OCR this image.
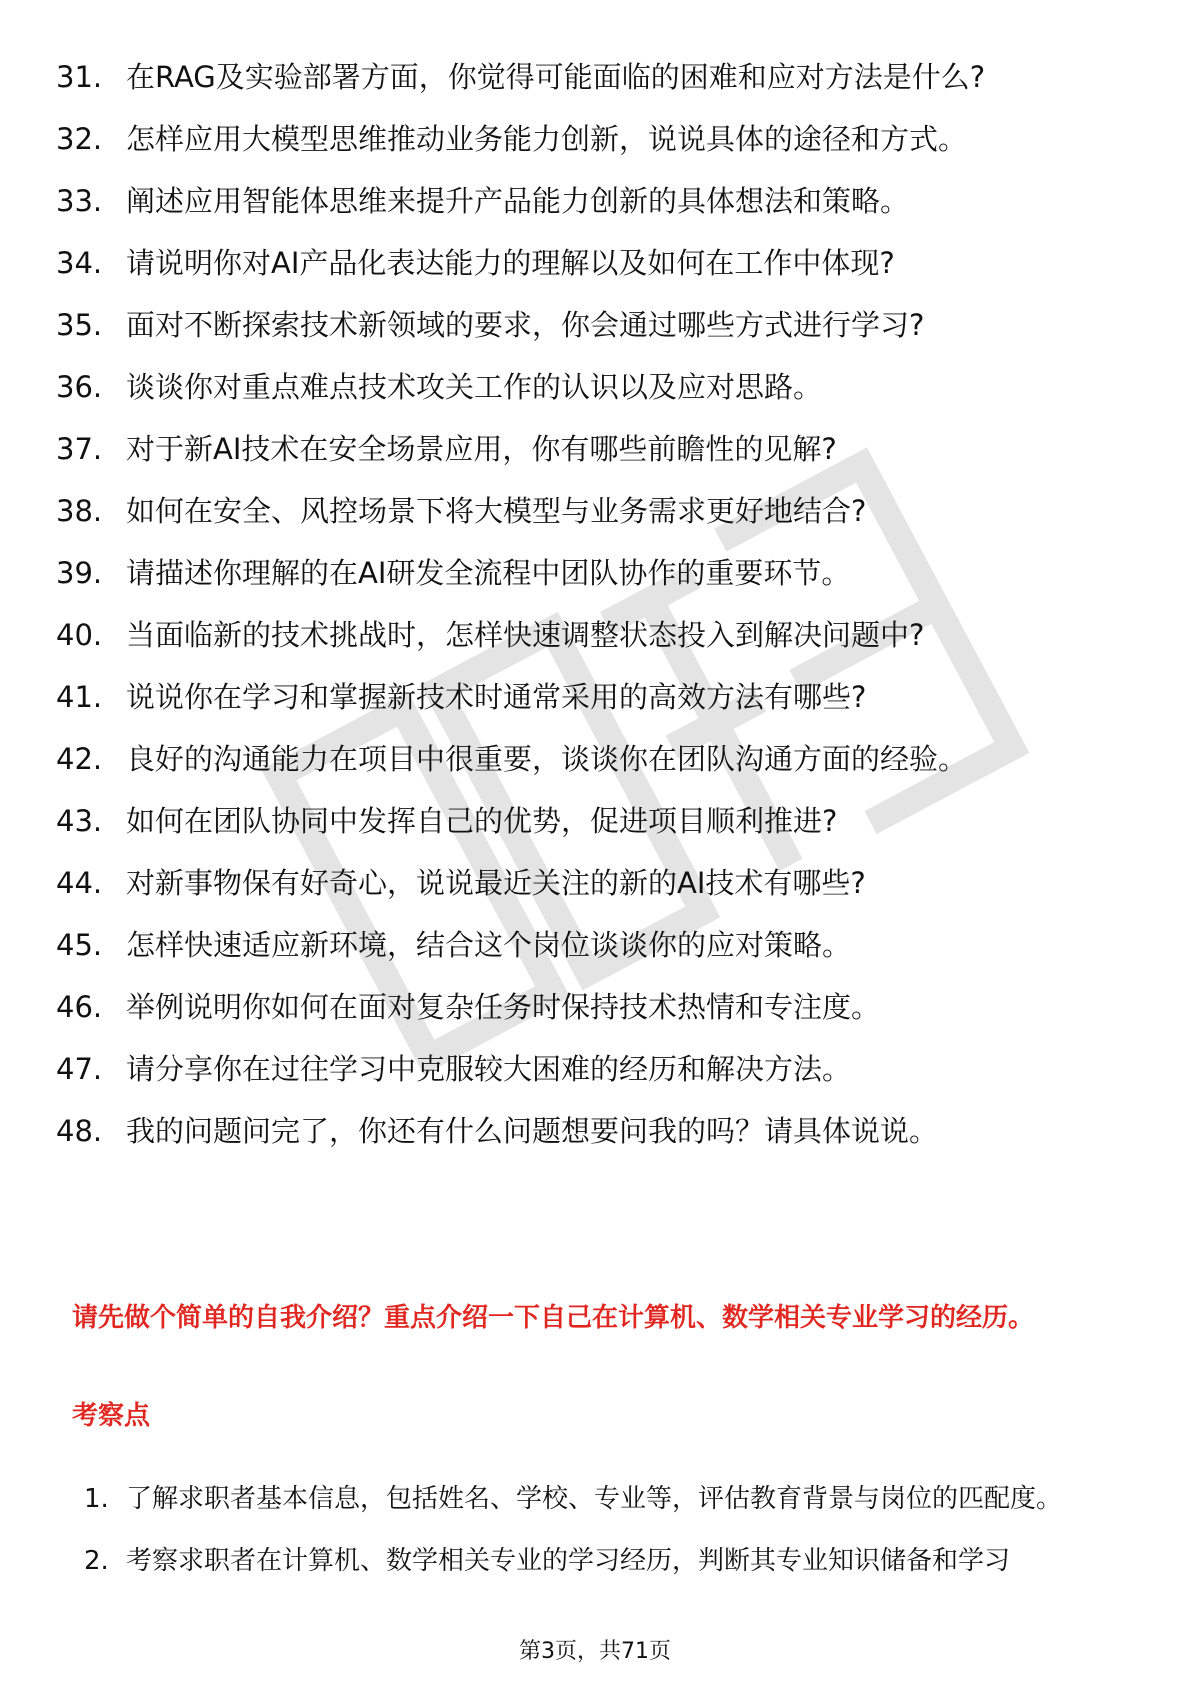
31. 在RAG及实验部署方面，你觉得可能面临的困难和应对方法是什么?
32. 怎样应用大模型思维推动业务能力创新，说说具体的途径和方式。
33. 阐述应用智能体思维来提升产品能力创新的具体想法和策略。
34. 请说明你对AI产品化表达能力的理解以及如何在工作中体现?
35. 面对不断探索技术新领域的要求，你会通过哪些方式进行学习?
36. 谈谈你对重点难点技术攻关工作的认识以及应对思路。
37. 对于新AI技术在安全场景应用，你有哪些前瞻性的见解?
38. 如何在安全、风控场景下将大模型与业务需求更好地结合?
39. 请描述你理解的在AI研发全流程中团队协作的重要环节。
40. 当面临新的技术挑战时，怎样快速调整状态投入到解决问题中?
41. 说说你在学习和掌握新技术时通常采用的高效方法有哪些?
42. 良好的沟通能力在项目中很重要，谈谈你在团队沟通方面的经验。
43. 如何在团队协同中发挥自己的优势，促进项目顺利推进?
44. 对新事物保有好奇心，说说最近关注的新的AI技术有哪些?
45. 怎样快速适应新环境，结合这个岗位谈谈你的应对策略。
46. 举例说明你如何在面对复杂任务时保持技术热情和专注度。
47. 请分享你在过往学习中克服较大困难的经历和解决方法。
48. 我的问题问完了，你还有什么问题想要问我的吗？请具体说说。

请先做个简单的自我介绍？重点介绍一下自己在计算机、数学相关专业学习的经历。

考察点

1. 了解求职者基本信息，包括姓名、学校、专业等，评估教育背景与岗位的匹配度。
2. 考察求职者在计算机、数学相关专业的学习经历，判断其专业知识储备和学习
第3页，共71页
